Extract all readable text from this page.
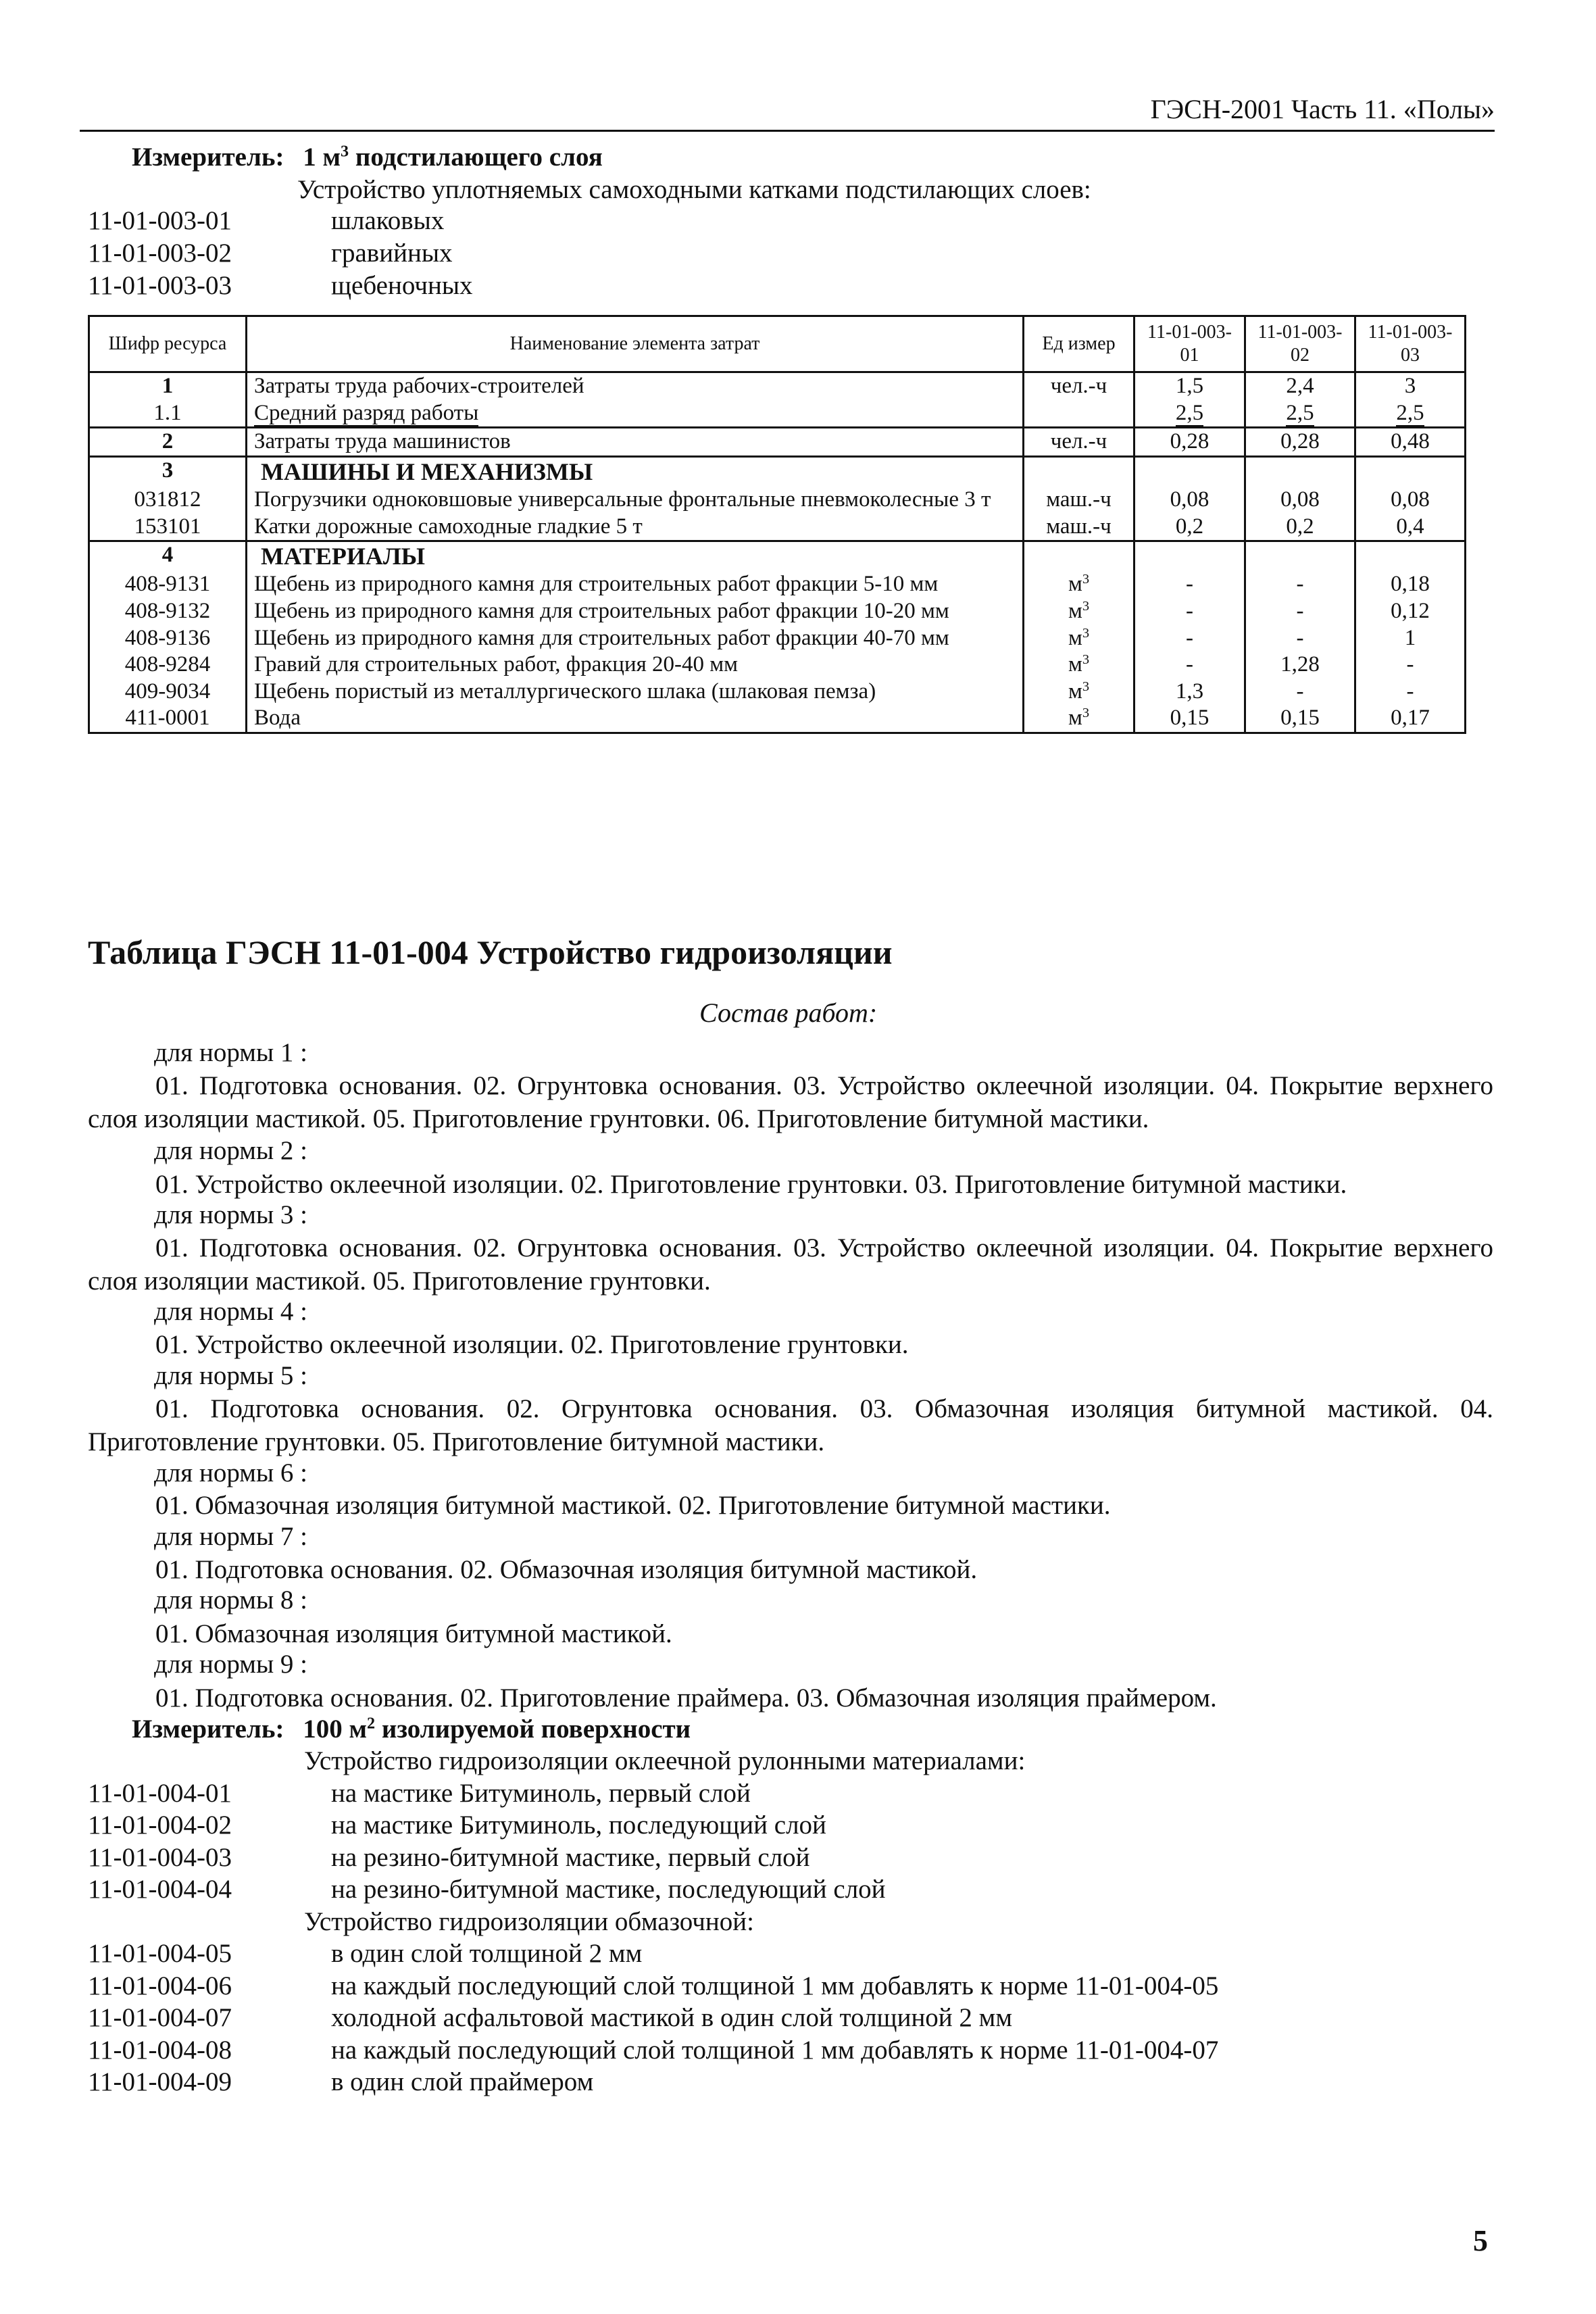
ГЭСН-2001 Часть 11. «Полы»
Измеритель: 1 $м^3$ подстилающего слоя
Устройство уплотняемых самоходными катками подстилающих слоев:
11-01-003-01	шлаковых
11-01-003-02	гравийных
11-01-003-03	щебеночных
Шифр ресурса	Наименование элемента затрат	Ед измер	11-01-003-01	11-01-003-02	11-01-003-03
1	Затраты труда рабочих-строителей	чел.-ч	1,5	2,4	3
1.1	Средний разряд работы		2,5	2,5	2,5
2	Затраты труда машинистов	чел.-ч	0,28	0,28	0,48
3	МАШИНЫ И МЕХАНИЗМЫ				
031812	Погрузчики одноковшовые универсальные фронтальные пневмоколесные 3 т	маш.-ч	0,08	0,08	0,08
153101	Катки дорожные самоходные гладкие 5 т	маш.-ч	0,2	0,2	0,4
4	МАТЕРИАЛЫ				
408-9131	Щебень из природного камня для строительных работ фракции 5-10 мм	$м^3$	-	-	0,18
408-9132	Щебень из природного камня для строительных работ фракции 10-20 мм	$м^3$	-	-	0,12
408-9136	Щебень из природного камня для строительных работ фракции 40-70 мм	$м^3$	-	-	1
408-9284	Гравий для строительных работ, фракция 20-40 мм	$м^3$	-	1,28	-
409-9034	Щебень пористый из металлургического шлака (шлаковая пемза)	$м^3$	1,3	-	-
411-0001	Вода	$м^3$	0,15	0,15	0,17
Таблица ГЭСН 11-01-004 Устройство гидроизоляции
Состав работ:
для нормы 1 :
01. Подготовка основания. 02. Огрунтовка основания. 03. Устройство оклеечной изоляции. 04. Покрытие верхнего слоя изоляции мастикой. 05. Приготовление грунтовки. 06. Приготовление битумной мастики.
для нормы 2 :
01. Устройство оклеечной изоляции. 02. Приготовление грунтовки. 03. Приготовление битумной мастики.
для нормы 3 :
01. Подготовка основания. 02. Огрунтовка основания. 03. Устройство оклеечной изоляции. 04. Покрытие верхнего слоя изоляции мастикой. 05. Приготовление грунтовки.
для нормы 4 :
01. Устройство оклеечной изоляции. 02. Приготовление грунтовки.
для нормы 5 :
01. Подготовка основания. 02. Огрунтовка основания. 03. Обмазочная изоляция битумной мастикой. 04. Приготовление грунтовки. 05. Приготовление битумной мастики.
для нормы 6 :
01. Обмазочная изоляция битумной мастикой. 02. Приготовление битумной мастики.
для нормы 7 :
01. Подготовка основания. 02. Обмазочная изоляция битумной мастикой.
для нормы 8 :
01. Обмазочная изоляция битумной мастикой.
для нормы 9 :
01. Подготовка основания. 02. Приготовление праймера. 03. Обмазочная изоляция праймером.
Измеритель: 100 $м^2$ изолируемой поверхности
Устройство гидроизоляции оклеечной рулонными материалами:
11-01-004-01	на мастике Битуминоль, первый слой
11-01-004-02	на мастике Битуминоль, последующий слой
11-01-004-03	на резино-битумной мастике, первый слой
11-01-004-04	на резино-битумной мастике, последующий слой
Устройство гидроизоляции обмазочной:
11-01-004-05	в один слой толщиной 2 мм
11-01-004-06	на каждый последующий слой толщиной 1 мм добавлять к норме 11-01-004-05
11-01-004-07	холодной асфальтовой мастикой в один слой толщиной 2 мм
11-01-004-08	на каждый последующий слой толщиной 1 мм добавлять к норме 11-01-004-07
11-01-004-09	в один слой праймером
5
